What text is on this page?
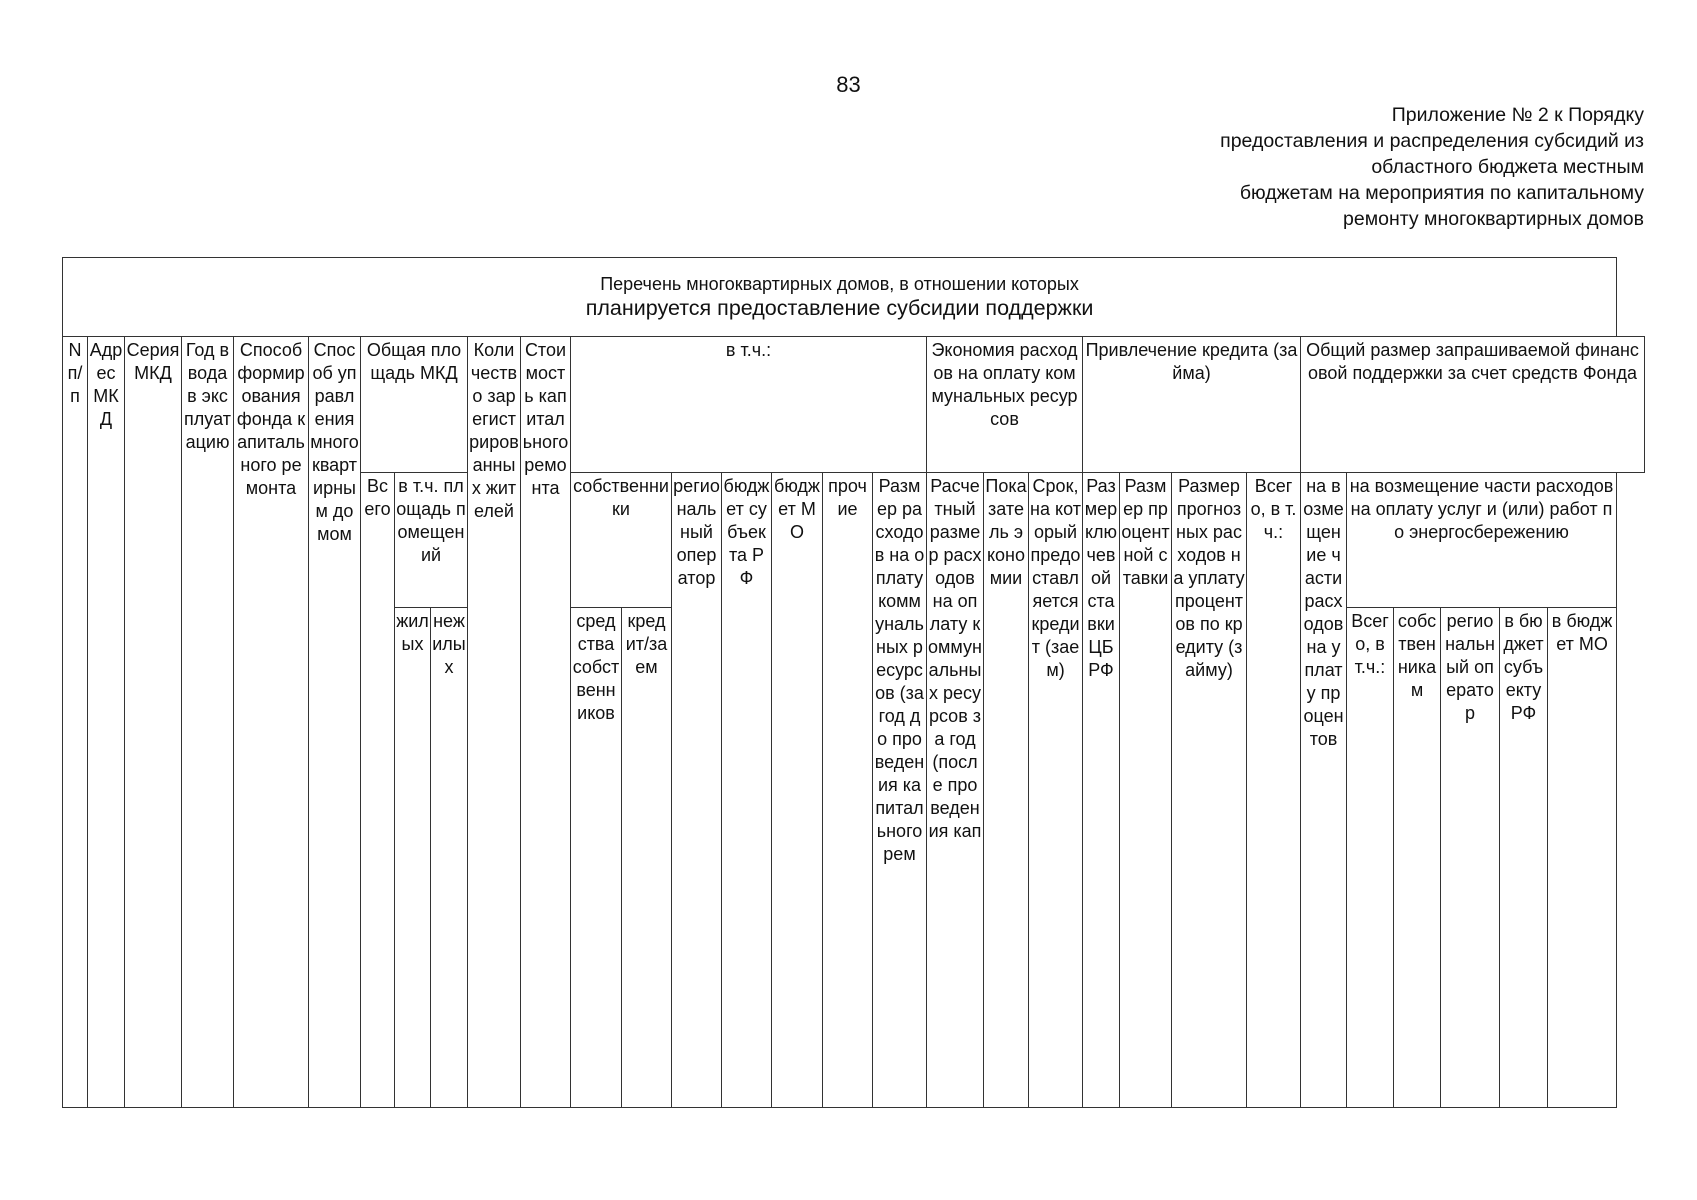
83
Приложение № 2 к Порядку
предоставления и распределения субсидий из
областного бюджета местным
бюджетам на мероприятия по капитальному
ремонту многоквартирных домов
Перечень многоквартирных домов, в отношении которых
планируется предоставление субсидии поддержки																														

N п/п	Адрес МКД	Серия МКД	Год ввода в эксплуатацию	Способ формирования фонда капитального ремонта	Способ управления многоквартирным домом	Общая площадь МКД			Количество зарегистрированных жителей	Стоимость капитального ремонта	в т.ч.:							Экономия расходов на оплату коммунальных ресурсов			Привлечение кредита (займа)				Общий размер запрашиваемой финансовой поддержки за счет средств Фонда					
						Всего	в т.ч. площадь помещений				собственники		региональный оператор	бюджет субъекта РФ	бюджет МО	прочие	Размер расходов на оплату коммунальных ресурсов (за год до проведения капитального рем	Расчетный размер расходов на оплату коммунальных ресурсов за год (после проведения кап	Показатель экономии	Срок, на который предоставляется кредит (заем)	Размер ключевой ставки ЦБ РФ	Размер процентной ставки	Размер прогнозных расходов на уплату процентов по кредиту (займу)	Всего, в т.ч.:	на возмещение части расходов на уплату процентов	на возмещение части расходов на оплату услуг и (или) работ по энергосбережению				
							жилых	нежилых			средства собственников	кредит/заем														Всего, в т.ч.:	собственникам	региональный оператор	в бюджет субъекту РФ	в бюджет МО
